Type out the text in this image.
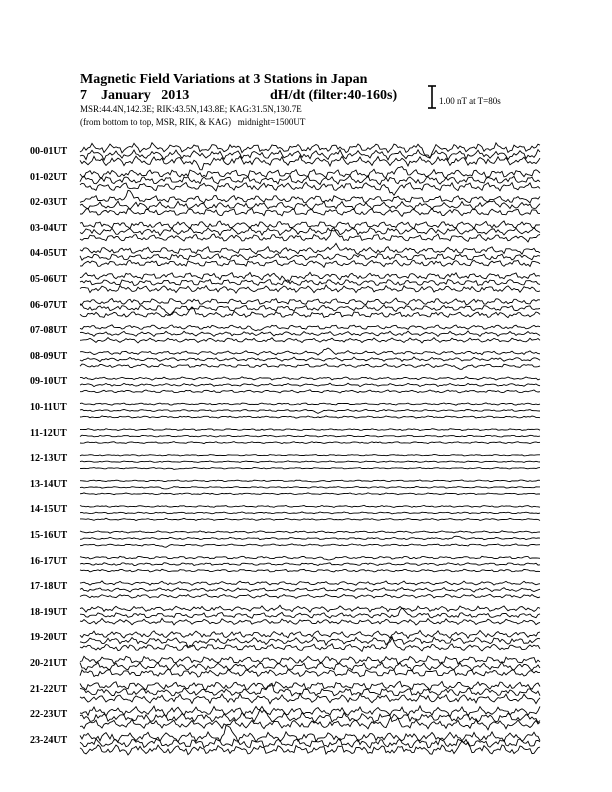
Magnetic Field Variations at 3 Stations in Japan
7 January 2013	dH/dt (filter:40-160s)
MSR:44.4N,142.3E; RIK:43.5N,143.8E; KAG:31.5N,130.7E
(from bottom to top, MSR, RIK, & KAG) midnight=1500UT
1.00 nT at T=80s
00-01UT
01-02UT
02-03UT
03-04UT
04-05UT
05-06UT
06-07UT
07-08UT
08-09UT
09-10UT
10-11UT
11-12UT
12-13UT
13-14UT
14-15UT
15-16UT
16-17UT
17-18UT
18-19UT
19-20UT
20-21UT
21-22UT
22-23UT
23-24UT
